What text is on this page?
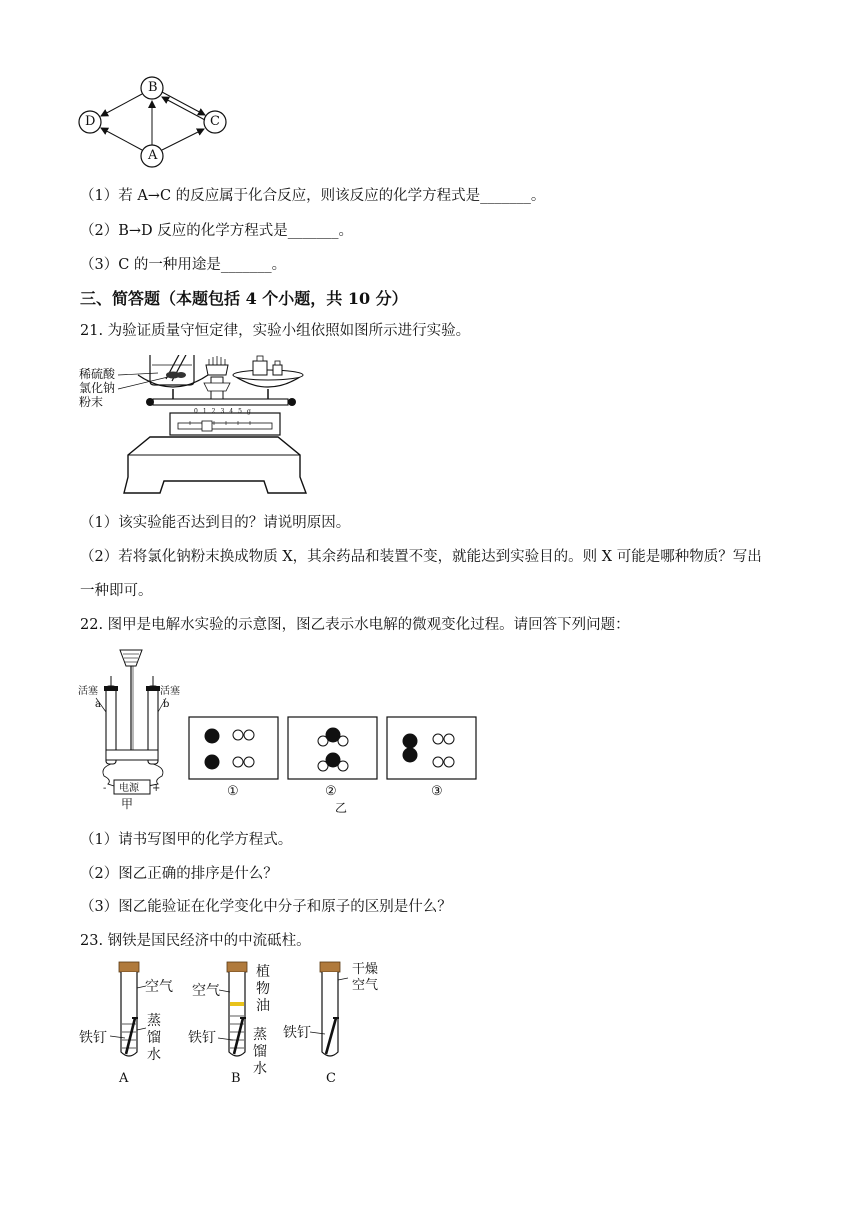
B
D	C
A
（1）若 A→C 的反应属于化合反应，则该反应的化学方程式是_______。
（2）B→D 反应的化学方程式是_______。
（3）C 的一种用途是_______。
三、简答题（本题包括 4 个小题，共 10 分）
21. 为验证质量守恒定律，实验小组依照如图所示进行实验。
稀硫酸
氯化钠
粉末
012345g
（1）该实验能否达到目的？请说明原因。
（2）若将氯化钠粉末换成物质 X，其余药品和装置不变，就能达到实验目的。则 X 可能是哪种物质？写出
一种即可。
22. 图甲是电解水实验的示意图，图乙表示水电解的微观变化过程。请回答下列问题：
活塞	活塞
a	b
电源
-	+
甲
①	②	③
乙
（1）请书写图甲的化学方程式。
（2）图乙正确的排序是什么？
（3）图乙能验证在化学变化中分子和原子的区别是什么？
23. 钢铁是国民经济中的中流砥柱。
空气
蒸馏水
铁钉
A
空气
植物油
蒸馏水
铁钉
B
干燥空气
铁钉
C
